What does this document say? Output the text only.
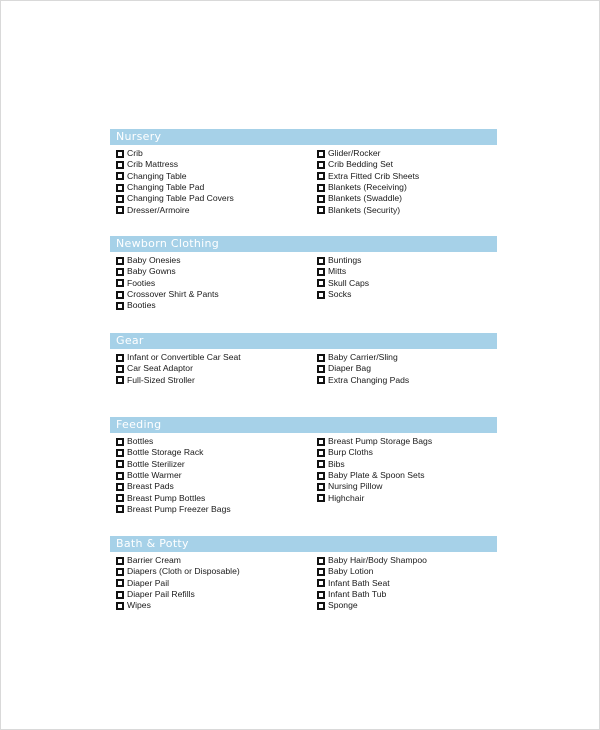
Nursery
Crib
Crib Mattress
Changing Table
Changing Table Pad
Changing Table Pad Covers
Dresser/Armoire
Glider/Rocker
Crib Bedding Set
Extra Fitted Crib Sheets
Blankets (Receiving)
Blankets (Swaddle)
Blankets (Security)
Newborn Clothing
Baby Onesies
Baby Gowns
Footies
Crossover Shirt & Pants
Booties
Buntings
Mitts
Skull Caps
Socks
Gear
Infant or Convertible Car Seat
Car Seat Adaptor
Full-Sized Stroller
Baby Carrier/Sling
Diaper Bag
Extra Changing Pads
Feeding
Bottles
Bottle Storage Rack
Bottle Sterilizer
Bottle Warmer
Breast Pads
Breast Pump Bottles
Breast Pump Freezer Bags
Breast Pump Storage Bags
Burp Cloths
Bibs
Baby Plate & Spoon Sets
Nursing Pillow
Highchair
Bath & Potty
Barrier Cream
Diapers (Cloth or Disposable)
Diaper Pail
Diaper Pail Refills
Wipes
Baby Hair/Body Shampoo
Baby Lotion
Infant Bath Seat
Infant Bath Tub
Sponge
